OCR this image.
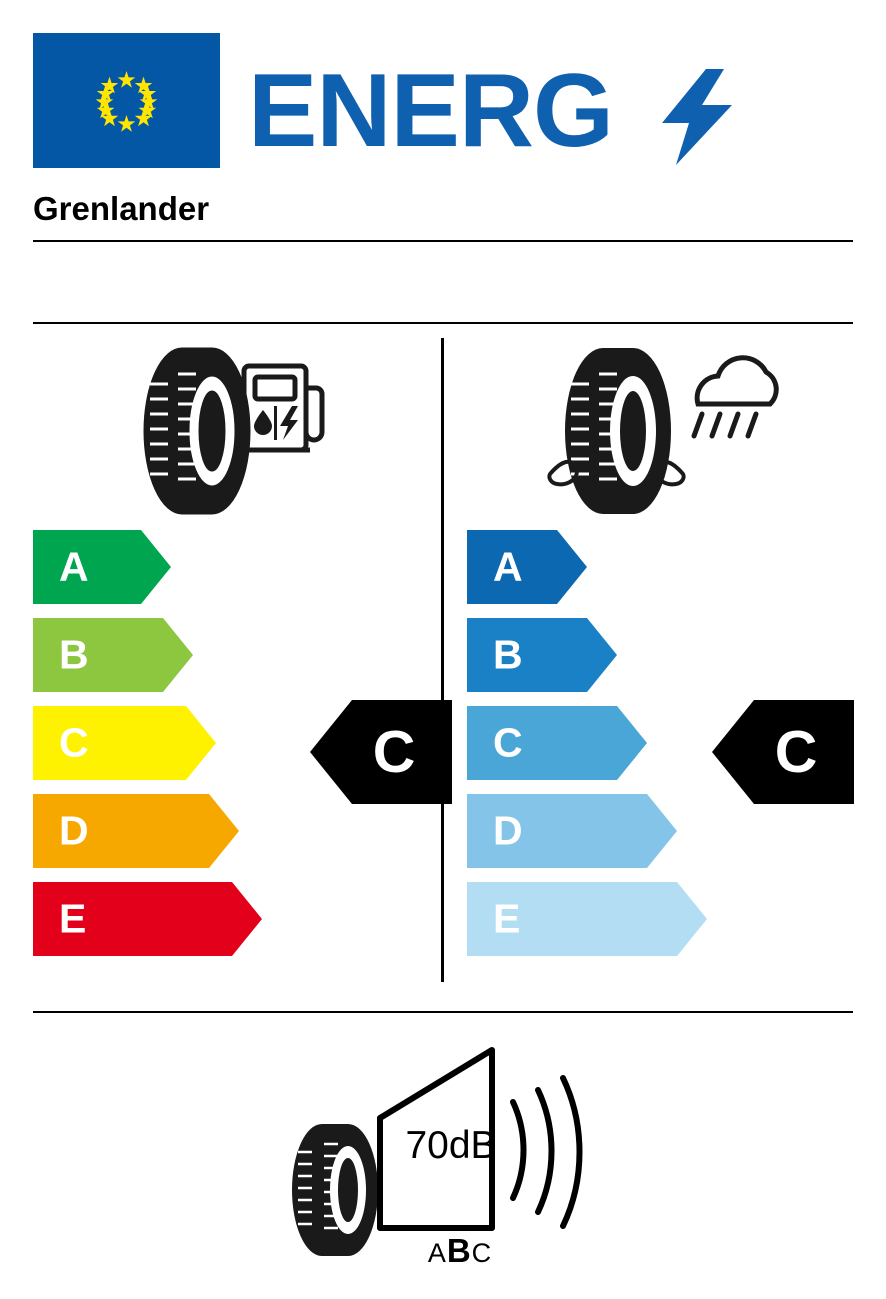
ENERG
Grenlander
A
B
C
D
E
A
B
C
D
E
C	C
70dB
ABC
